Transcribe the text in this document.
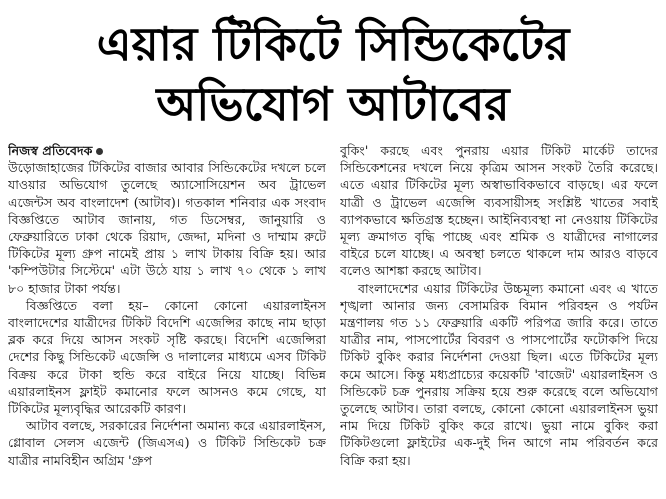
এয়ার টিকিটে সিন্ডিকেটের
অভিযোগ আটাবের
নিজস্ব প্রতিবেদক

উড়োজাহাজের টিকিটের বাজার আবার সিন্ডিকেটের দখলে চলে যাওয়ার অভিযোগ তুলেছে অ্যাসোসিয়েশন অব ট্রাভেল এজেন্টস অব বাংলাদেশ (আটাব)। গতকাল শনিবার এক সংবাদ বিজ্ঞপ্তিতে আটাব জানায়, গত ডিসেম্বর, জানুয়ারি ও ফেব্রুয়ারিতে ঢাকা থেকে রিয়াদ, জেদ্দা, মদিনা ও দাম্মাম রুটে টিকিটের মূল্য গ্রুপ নামেই প্রায় ১ লাখ টাকায় বিক্রি হয়। আর 'কম্পিউটার সিস্টেমে' এটা উঠে যায় ১ লাখ ৭০ থেকে ১ লাখ ৮০ হাজার টাকা পর্যন্ত।

বিজ্ঞপ্তিতে বলা হয়– কোনো কোনো এয়ারলাইনস বাংলাদেশের যাত্রীদের টিকিট বিদেশি এজেন্সির কাছে নাম ছাড়া ব্লক করে দিয়ে আসন সংকট সৃষ্টি করছে। বিদেশি এজেন্সিরা দেশের কিছু সিন্ডিকেট এজেন্সি ও দালালের মাধ্যমে এসব টিকিট বিক্রয় করে টাকা হুন্ডি করে বাইরে নিয়ে যাচ্ছে। বিভিন্ন এয়ারলাইনস ফ্লাইট কমানোর ফলে আসনও কমে গেছে, যা টিকিটের মূল্যবৃদ্ধির আরেকটি কারণ।

আটাব বলছে, সরকারের নির্দেশনা অমান্য করে এয়ারলাইনস, গ্লোবাল সেলস এজেন্ট (জিএসএ) ও টিকিট সিন্ডিকেট চক্র যাত্রীর নামবিহীন অগ্রিম 'গ্রুপ

বুকিং' করছে এবং পুনরায় এয়ার টিকিট মার্কেট তাদের সিন্ডিকেশনের দখলে নিয়ে কৃত্রিম আসন সংকট তৈরি করেছে। এতে এয়ার টিকিটের মূল্য অস্বাভাবিকভাবে বাড়ছে। এর ফলে যাত্রী ও ট্রাভেল এজেন্সি ব্যবসায়ীসহ সংশ্লিষ্ট খাতের সবাই ব্যাপকভাবে ক্ষতিগ্রস্ত হচ্ছেন। আইনিব্যবস্থা না নেওয়ায় টিকিটের মূল্য ক্রমাগত বৃদ্ধি পাচ্ছে এবং শ্রমিক ও যাত্রীদের নাগালের বাইরে চলে যাচ্ছে। এ অবস্থা চলতে থাকলে দাম আরও বাড়বে বলেও আশঙ্কা করছে আটাব।

বাংলাদেশের এয়ার টিকিটের উচ্চমূল্য কমানো এবং এ খাতে শৃঙ্খলা আনার জন্য বেসামরিক বিমান পরিবহন ও পর্যটন মন্ত্রণালয় গত ১১ ফেব্রুয়ারি একটি পরিপত্র জারি করে। তাতে যাত্রীর নাম, পাসপোর্টের বিবরণ ও পাসপোর্টের ফটোকপি দিয়ে টিকিট বুকিং করার নির্দেশনা দেওয়া ছিল। এতে টিকিটের মূল্য কমে আসে। কিন্তু মধ্যপ্রাচ্যের কয়েকটি 'বাজেট' এয়ারলাইনস ও সিন্ডিকেট চক্র পুনরায় সক্রিয় হয়ে শুরু করেছে বলে অভিযোগ তুলেছে আটাব। তারা বলছে, কোনো কোনো এয়ারলাইনস ভুয়া নাম দিয়ে টিকিট বুকিং করে রাখে। ভুয়া নামে বুকিং করা টিকিটগুলো ফ্লাইটের এক-দুই দিন আগে নাম পরিবর্তন করে বিক্রি করা হয়।
